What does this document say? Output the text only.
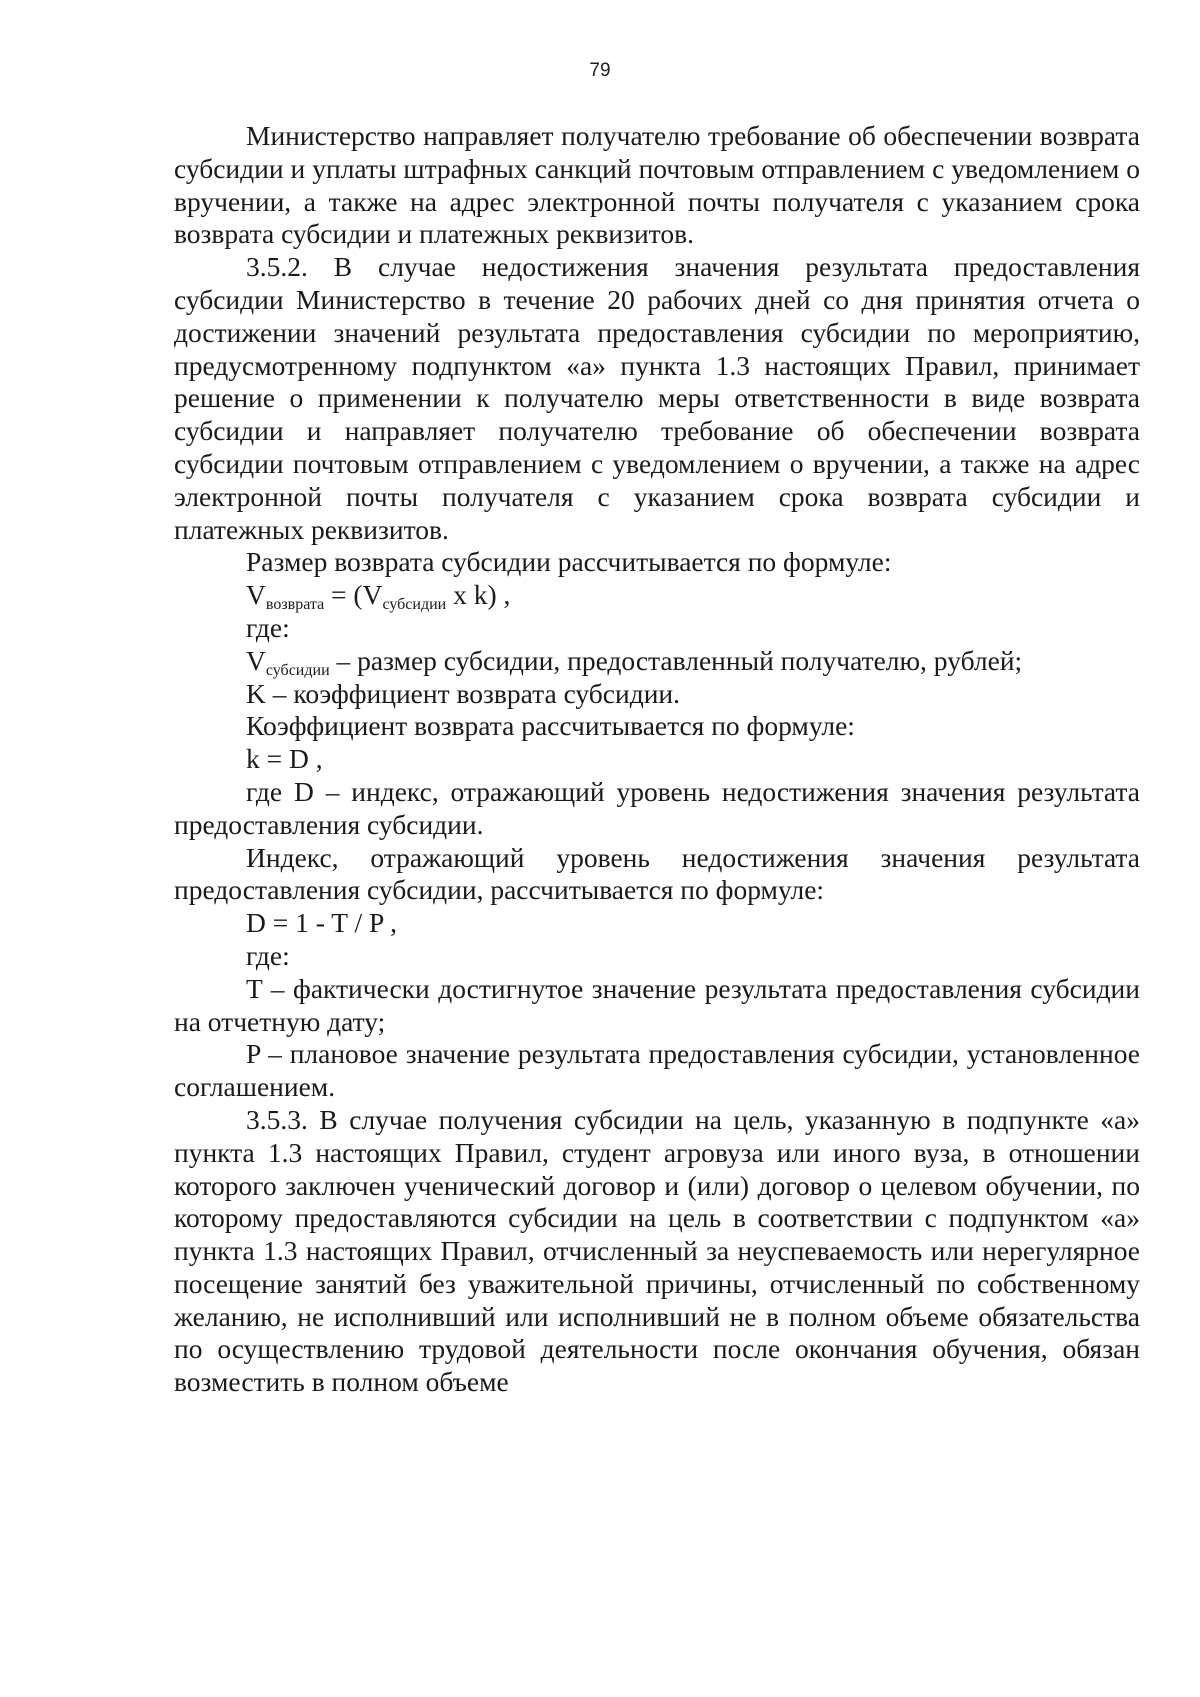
79

Министерство направляет получателю требование об обеспечении возврата субсидии и уплаты штрафных санкций почтовым отправлением с уведомлением о вручении, а также на адрес электронной почты получателя с указанием срока возврата субсидии и платежных реквизитов.

3.5.2. В случае недостижения значения результата предоставления субсидии Министерство в течение 20 рабочих дней со дня принятия отчета о достижении значений результата предоставления субсидии по мероприятию, предусмотренному подпунктом «а» пункта 1.3 настоящих Правил, принимает решение о применении к получателю меры ответственности в виде возврата субсидии и направляет получателю требование об обеспечении возврата субсидии почтовым отправлением с уведомлением о вручении, а также на адрес электронной почты получателя с указанием срока возврата субсидии и платежных реквизитов.

Размер возврата субсидии рассчитывается по формуле:

$V_{возврата} = (V_{субсидии}$ x k) ,

где:

$V_{субсидии}$ – размер субсидии, предоставленный получателю, рублей;

K – коэффициент возврата субсидии.

Коэффициент возврата рассчитывается по формуле:

k = D ,

где D – индекс, отражающий уровень недостижения значения результата предоставления субсидии.

Индекс, отражающий уровень недостижения значения результата предоставления субсидии, рассчитывается по формуле:

D = 1 - T / P ,

где:

T – фактически достигнутое значение результата предоставления субсидии на отчетную дату;

P – плановое значение результата предоставления субсидии, установленное соглашением.

3.5.3. В случае получения субсидии на цель, указанную в подпункте «а» пункта 1.3 настоящих Правил, студент агровуза или иного вуза, в отношении которого заключен ученический договор и (или) договор о целевом обучении, по которому предоставляются субсидии на цель в соответствии с подпунктом «а» пункта 1.3 настоящих Правил, отчисленный за неуспеваемость или нерегулярное посещение занятий без уважительной причины, отчисленный по собственному желанию, не исполнивший или исполнивший не в полном объеме обязательства по осуществлению трудовой деятельности после окончания обучения, обязан возместить в полном объеме
